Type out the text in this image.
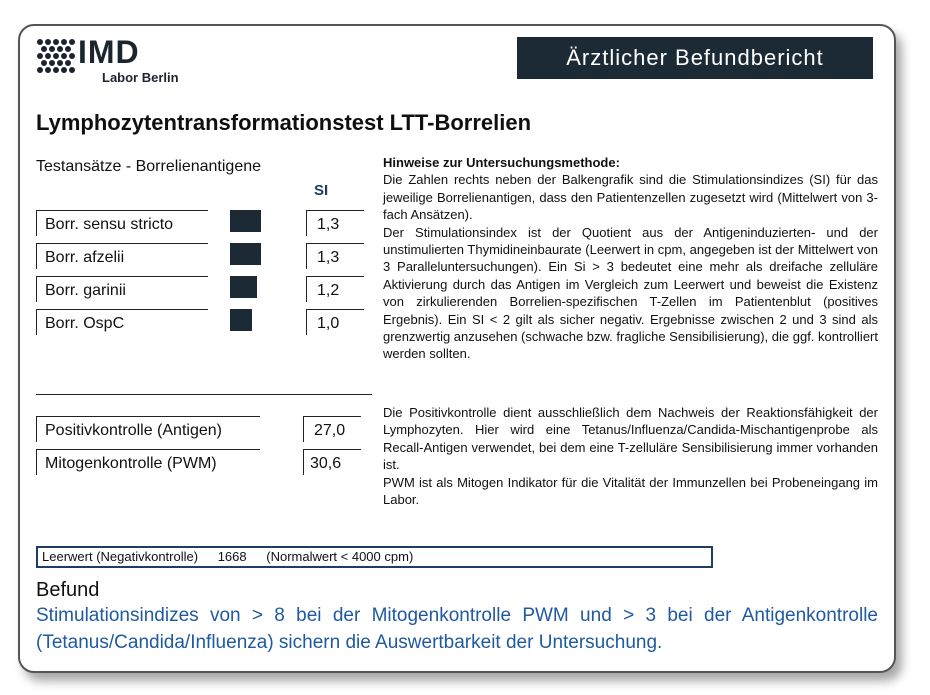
IMD
Labor Berlin
Ärztlicher Befundbericht
Lymphozytentransformationstest LTT-Borrelien
Testansätze - Borrelienantigene
SI
Borr. sensu stricto	1,3
Borr. afzelii	1,3
Borr. garinii	1,2
Borr. OspC	1,0
Positivkontrolle (Antigen)	27,0
Mitogenkontrolle (PWM)	30,6

Hinweise zur Untersuchungsmethode:

Die Zahlen rechts neben der Balkengrafik sind die Stimulationsindizes (SI) für das jeweilige Borrelienantigen, dass den Patientenzellen zugesetzt wird (Mittelwert von 3-fach Ansätzen).

Der Stimulationsindex ist der Quotient aus der Antigeninduzierten- und der unstimulierten Thymidineinbaurate (Leerwert in cpm, angegeben ist der Mittelwert von 3 Paralleluntersuchungen). Ein Si > 3 bedeutet eine mehr als dreifache zelluläre Aktivierung durch das Antigen im Vergleich zum Leerwert und beweist die Existenz von zirkulierenden Borrelien-spezifischen T-Zellen im Patientenblut (positives Ergebnis). Ein SI < 2 gilt als sicher negativ. Ergebnisse zwischen 2 und 3 sind als grenzwertig anzusehen (schwache bzw. fragliche Sensibilisierung), die ggf. kontrolliert werden sollten.

Die Positivkontrolle dient ausschließlich dem Nachweis der Reaktionsfähigkeit der Lymphozyten. Hier wird eine Tetanus/Influenza/Candida-Mischantigenprobe als Recall-Antigen verwendet, bei dem eine T-zelluläre Sensibilisierung immer vorhanden ist.

PWM ist als Mitogen Indikator für die Vitalität der Immunzellen bei Probeneingang im Labor.

Leerwert (Negativkontrolle) 1668 (Normalwert < 4000 cpm)
Befund
Stimulationsindizes von > 8 bei der Mitogenkontrolle PWM und > 3 bei der Antigenkontrolle (Tetanus/Candida/Influenza) sichern die Auswertbarkeit der Untersuchung.
